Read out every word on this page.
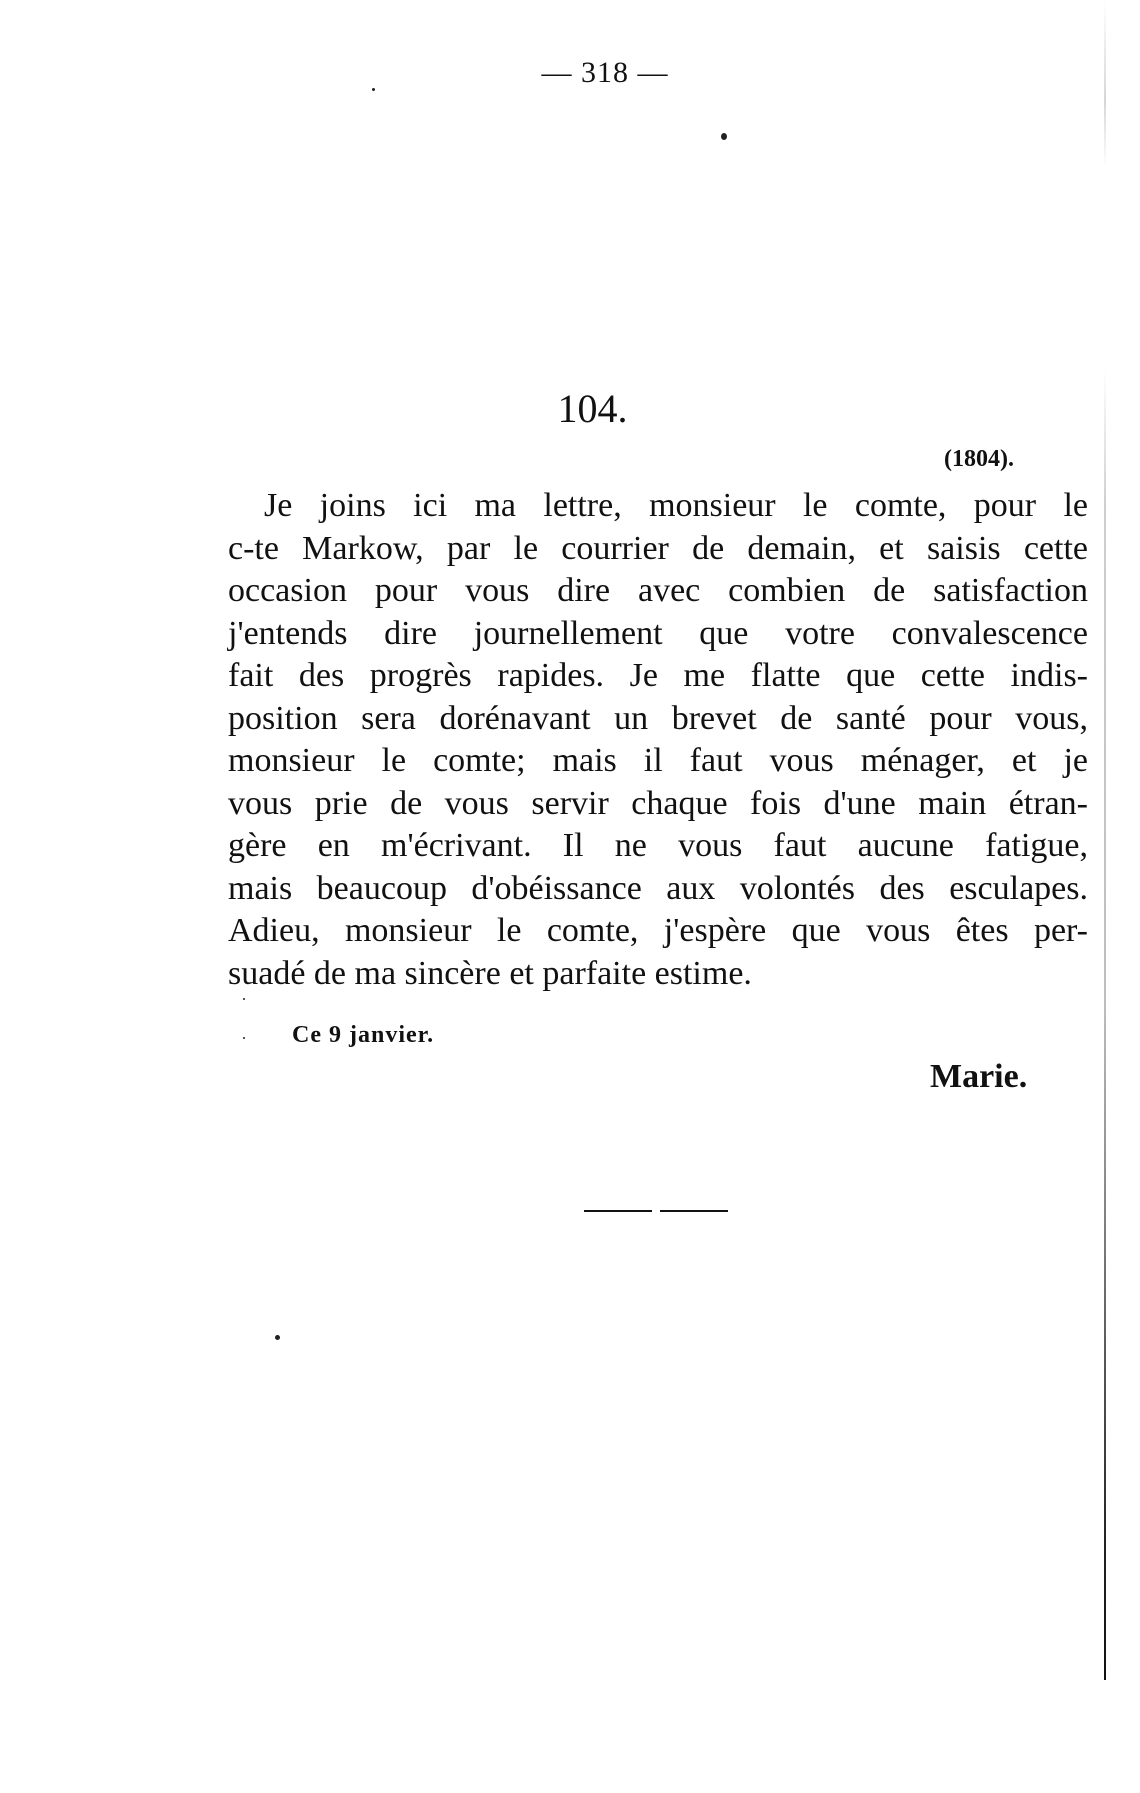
— 318 —
104.
(1804).
Je joins ici ma lettre, monsieur le comte, pour le
c-te Markow, par le courrier de demain, et saisis cette
occasion pour vous dire avec combien de satisfaction
j'entends dire journellement que votre convalescence
fait des progrès rapides. Je me flatte que cette indis-
position sera dorénavant un brevet de santé pour vous,
monsieur le comte; mais il faut vous ménager, et je
vous prie de vous servir chaque fois d'une main étran-
gère en m'écrivant. Il ne vous faut aucune fatigue,
mais beaucoup d'obéissance aux volontés des esculapes.
Adieu, monsieur le comte, j'espère que vous êtes per-
suadé de ma sincère et parfaite estime.
Ce 9 janvier.
Marie.
